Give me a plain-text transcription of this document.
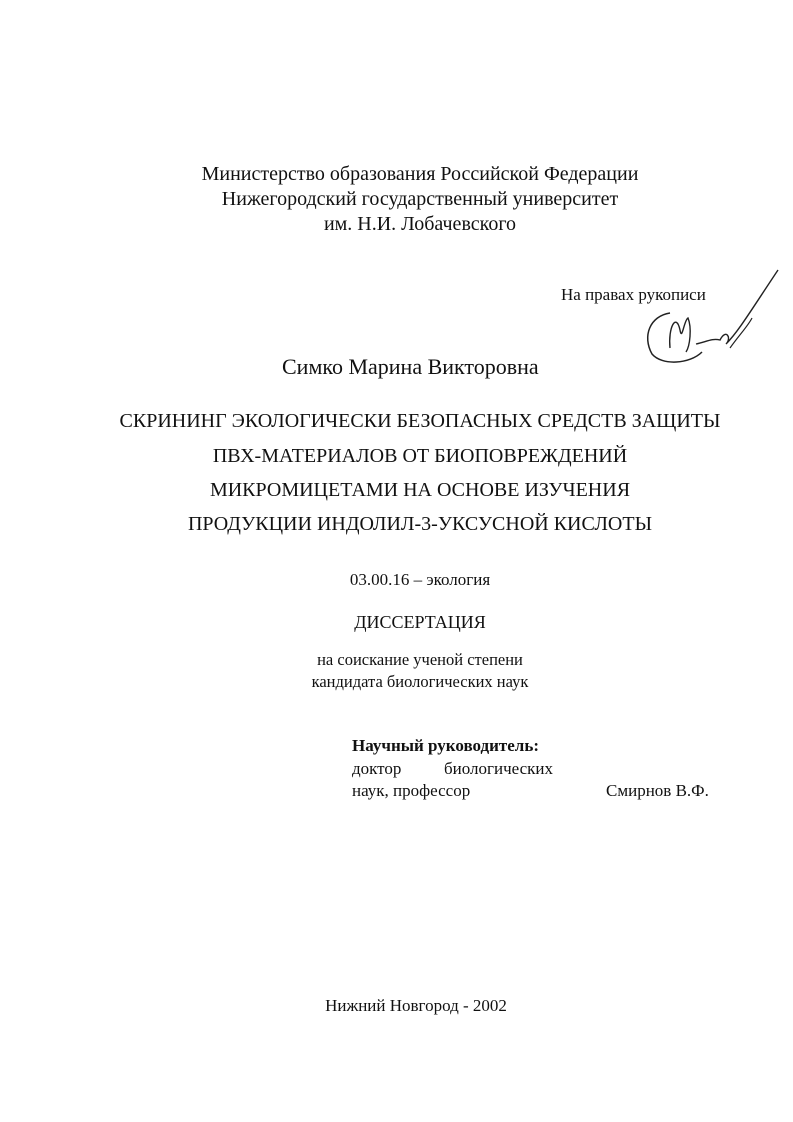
Министерство образования Российской Федерации
Нижегородский государственный университет
им. Н.И. Лобачевского
На правах рукописи
Симко Марина Викторовна
СКРИНИНГ ЭКОЛОГИЧЕСКИ БЕЗОПАСНЫХ СРЕДСТВ ЗАЩИТЫ
ПВХ-МАТЕРИАЛОВ ОТ БИОПОВРЕЖДЕНИЙ
МИКРОМИЦЕТАМИ НА ОСНОВЕ ИЗУЧЕНИЯ
ПРОДУКЦИИ ИНДОЛИЛ-3-УКСУСНОЙ КИСЛОТЫ
03.00.16 – экология
ДИССЕРТАЦИЯ
на соискание ученой степени
кандидата биологических наук
Научный руководитель:
доктор	биологических
наук, профессор	Смирнов В.Ф.
Нижний Новгород - 2002
